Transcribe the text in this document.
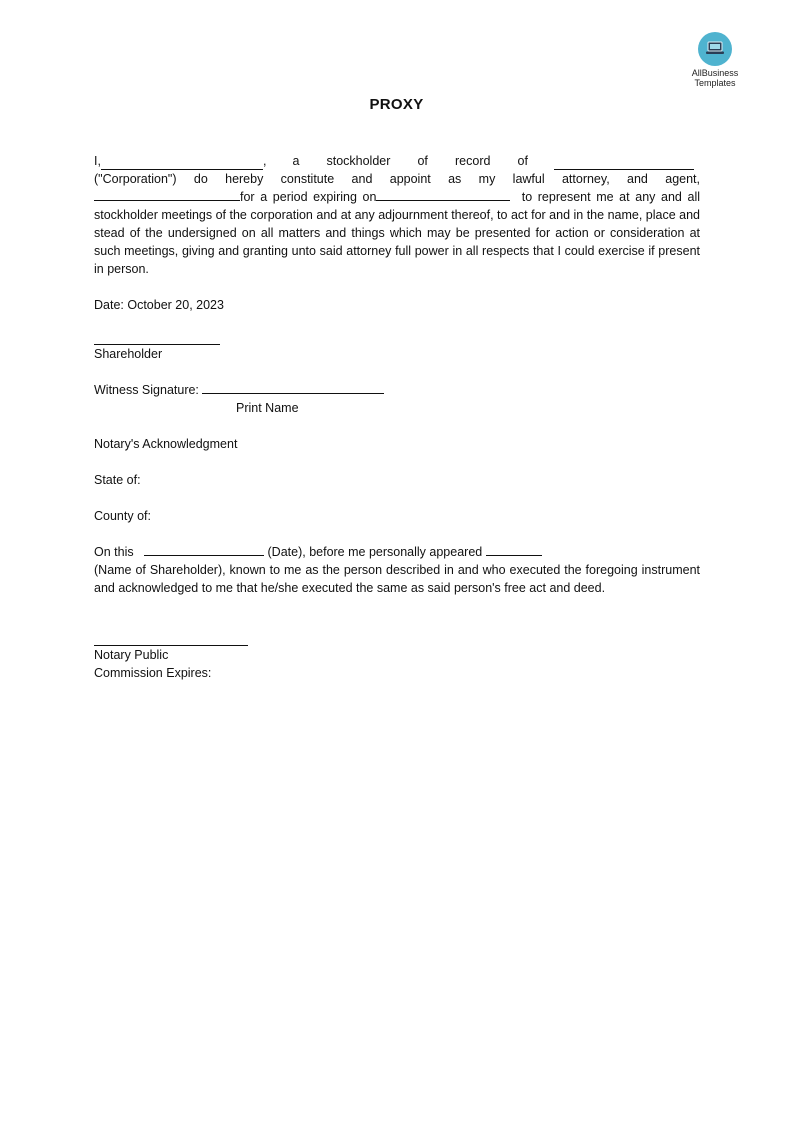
AllBusiness
Templates
PROXY
I,	, a stockholder of record of

("Corporation") do hereby constitute and appoint as my lawful attorney, and agent,

for a period expiring on	to represent me at any and all stockholder meetings of the corporation and at any adjournment thereof, to act for and in the name, place and stead of the undersigned on all matters and things which may be presented for action or consideration at such meetings, giving and granting unto said attorney full power in all respects that I could exercise if present in person.

Date: October 20, 2023

Shareholder

Witness Signature:

Print Name

Notary's Acknowledgment

State of:

County of:

On this	(Date), before me personally appeared

(Name of Shareholder), known to me as the person described in and who executed the foregoing instrument and acknowledged to me that he/she executed the same as said person's free act and deed.

Notary Public

Commission Expires:
